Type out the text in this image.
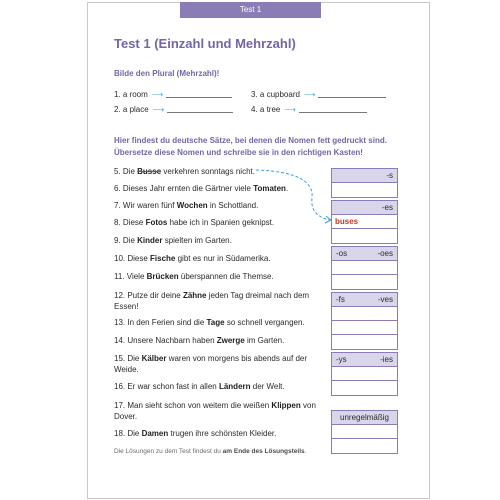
Test 1
Test 1 (Einzahl und Mehrzahl)
Bilde den Plural (Mehrzahl)!
1. a room ⟶
2. a place ⟶
3. a cupboard ⟶
4. a tree ⟶
Hier findest du deutsche Sätze, bei denen die Nomen fett gedruckt sind. Übersetze diese Nomen und schreibe sie in den richtigen Kasten!
5. Die Busse verkehren sonntags nicht.
6. Dieses Jahr ernten die Gärtner viele Tomaten.
7. Wir waren fünf Wochen in Schottland.
8. Diese Fotos habe ich in Spanien geknipst.
9. Die Kinder spielten im Garten.
10. Diese Fische gibt es nur in Südamerika.
11. Viele Brücken überspannen die Themse.
12. Putze dir deine Zähne jeden Tag dreimal nach dem Essen!
13. In den Ferien sind die Tage so schnell vergangen.
14. Unsere Nachbarn haben Zwerge im Garten.
15. Die Kälber waren von morgens bis abends auf der Weide.
16. Er war schon fast in allen Ländern der Welt.
17. Man sieht schon von weitem die weißen Klippen von Dover.
18. Die Damen trugen ihre schönsten Kleider.
-s
-es
buses
-os	-oes
-fs	-ves
-ys	-ies
unregelmäßig
Die Lösungen zu dem Test findest du am Ende des Lösungsteils.
